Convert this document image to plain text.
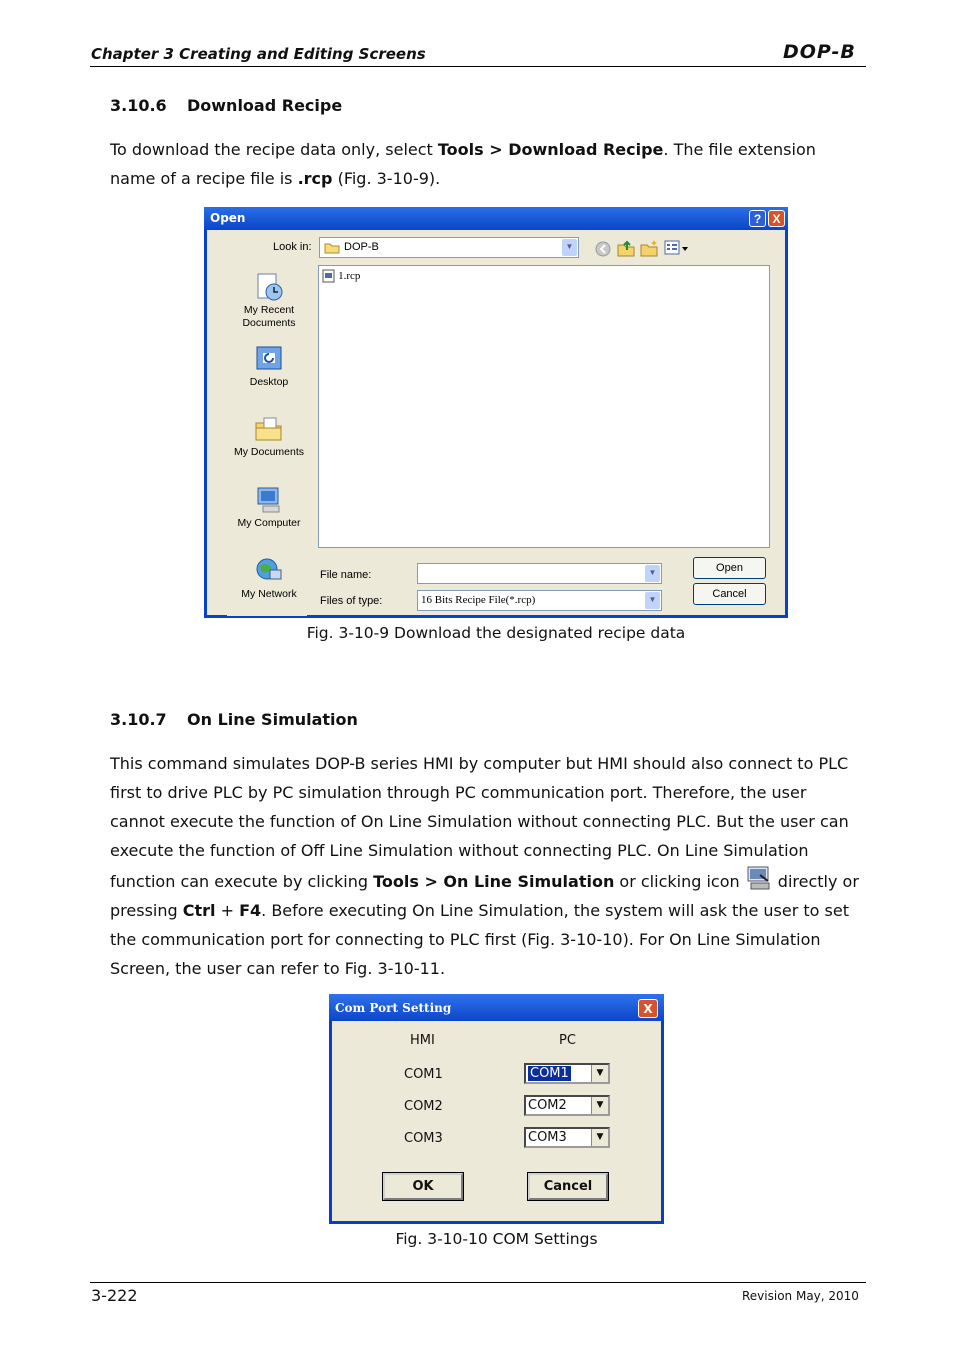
Chapter 3 Creating and Editing Screens	DOP-B
3.10.6 Download Recipe
To download the recipe data only, select Tools > Download Recipe. The file extension name of a recipe file is .rcp (Fig. 3-10-9).
Open	? X
Look in:	DOP-B	▼
My Recent
Documents
Desktop
My Documents
My Computer
My Network
1.rcp
File name:	▼
Files of type:	16 Bits Recipe File(*.rcp)	▼
Open
Cancel
Fig. 3-10-9 Download the designated recipe data
3.10.7 On Line Simulation
This command simulates DOP-B series HMI by computer but HMI should also connect to PLC first to drive PLC by PC simulation through PC communication port. Therefore, the user cannot execute the function of On Line Simulation without connecting PLC. But the user can execute the function of Off Line Simulation without connecting PLC. On Line Simulation function can execute by clicking Tools > On Line Simulation or clicking icon  directly or pressing Ctrl + F4. Before executing On Line Simulation, the system will ask the user to set the communication port for connecting to PLC first (Fig. 3-10-10). For On Line Simulation Screen, the user can refer to Fig. 3-10-11.
Com Port Setting	X
HMI	PC
COM1	COM1	▼
COM2	COM2	▼
COM3	COM3	▼
OK	Cancel
Fig. 3-10-10 COM Settings
3-222	Revision May, 2010
